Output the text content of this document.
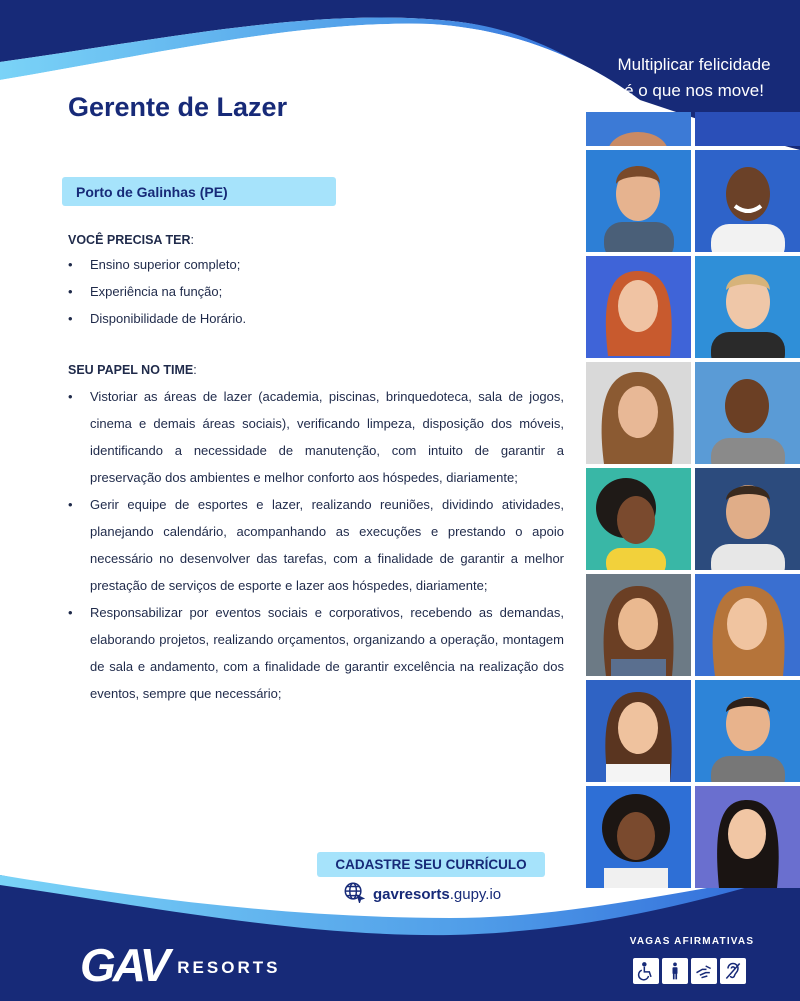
Gerente de Lazer
Porto de Galinhas (PE)
Multiplicar felicidade
é o que nos move!

VOCÊ PRECISA TER:

• Ensino superior completo;
• Experiência na função;
• Disponibilidade de Horário.

SEU PAPEL NO TIME:

• Vistoriar as áreas de lazer (academia, piscinas, brinquedoteca, sala de jogos, cinema e demais áreas sociais), verificando limpeza, disposição dos móveis, identificando a necessidade de manutenção, com intuito de garantir a preservação dos ambientes e melhor conforto aos hóspedes, diariamente;
• Gerir equipe de esportes e lazer, realizando reuniões, dividindo atividades, planejando calendário, acompanhando as execuções e prestando o apoio necessário no desenvolver das tarefas, com a finalidade de garantir a melhor prestação de serviços de esporte e lazer aos hóspedes, diariamente;
• Responsabilizar por eventos sociais e corporativos, recebendo as demandas, elaborando projetos, realizando orçamentos, organizando a operação, montagem de sala e andamento, com a finalidade de garantir excelência na realização dos eventos, sempre que necessário;
CADASTRE SEU CURRÍCULO
gavresorts.gupy.io
GAV RESORTS
VAGAS AFIRMATIVAS
